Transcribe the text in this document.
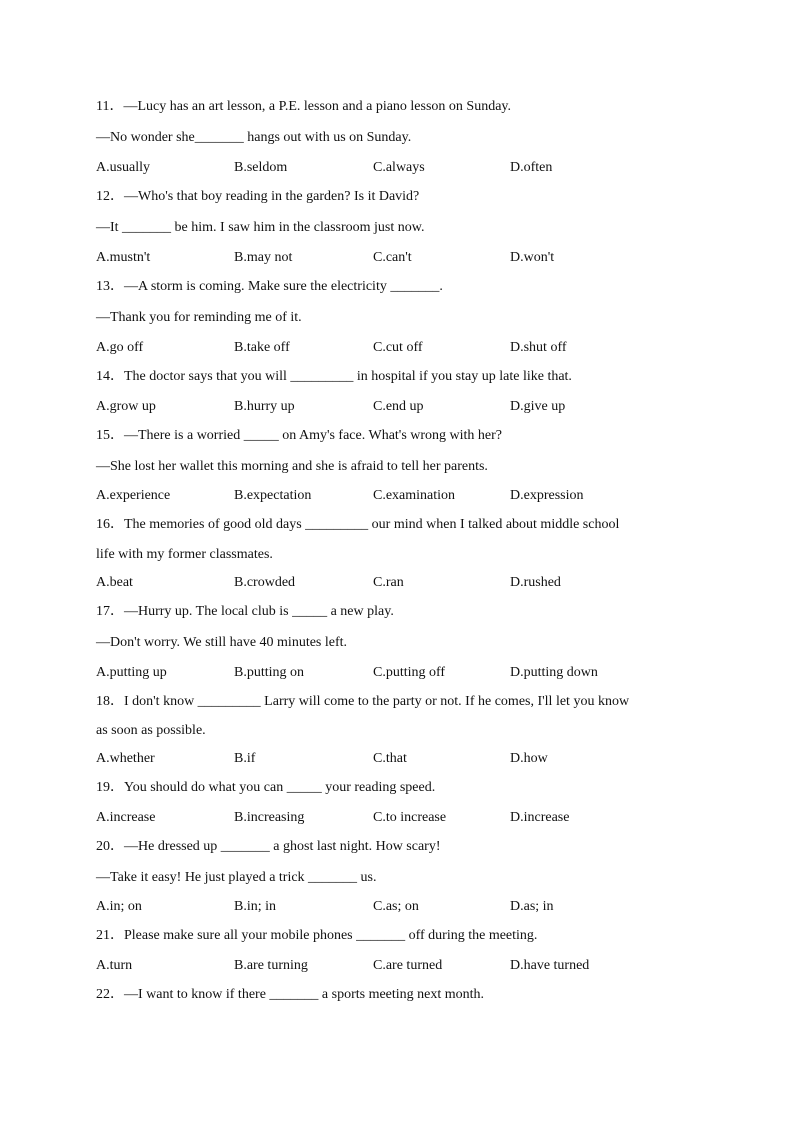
11．—Lucy has an art lesson, a P.E. lesson and a piano lesson on Sunday.
—No wonder she_______ hangs out with us on Sunday.
A.usually	B.seldom	C.always	D.often
12．—Who's that boy reading in the garden? Is it David?
—It _______ be him. I saw him in the classroom just now.
A.mustn't	B.may not	C.can't	D.won't
13．—A storm is coming. Make sure the electricity _______.
—Thank you for reminding me of it.
A.go off	B.take off	C.cut off	D.shut off
14．The doctor says that you will _________ in hospital if you stay up late like that.
A.grow up	B.hurry up	C.end up	D.give up
15．—There is a worried _____ on Amy's face. What's wrong with her?
—She lost her wallet this morning and she is afraid to tell her parents.
A.experience	B.expectation	C.examination	D.expression
16．The memories of good old days _________ our mind when I talked about middle school
life with my former classmates.
A.beat	B.crowded	C.ran	D.rushed
17．—Hurry up. The local club is _____ a new play.
—Don't worry. We still have 40 minutes left.
A.putting up	B.putting on	C.putting off	D.putting down
18．I don't know _________ Larry will come to the party or not. If he comes, I'll let you know
as soon as possible.
A.whether	B.if	C.that	D.how
19．You should do what you can _____ your reading speed.
A.increase	B.increasing	C.to increase	D.increase
20．—He dressed up _______ a ghost last night. How scary!
—Take it easy! He just played a trick _______ us.
A.in; on	B.in; in	C.as; on	D.as; in
21．Please make sure all your mobile phones _______ off during the meeting.
A.turn	B.are turning	C.are turned	D.have turned
22．—I want to know if there _______ a sports meeting next month.
